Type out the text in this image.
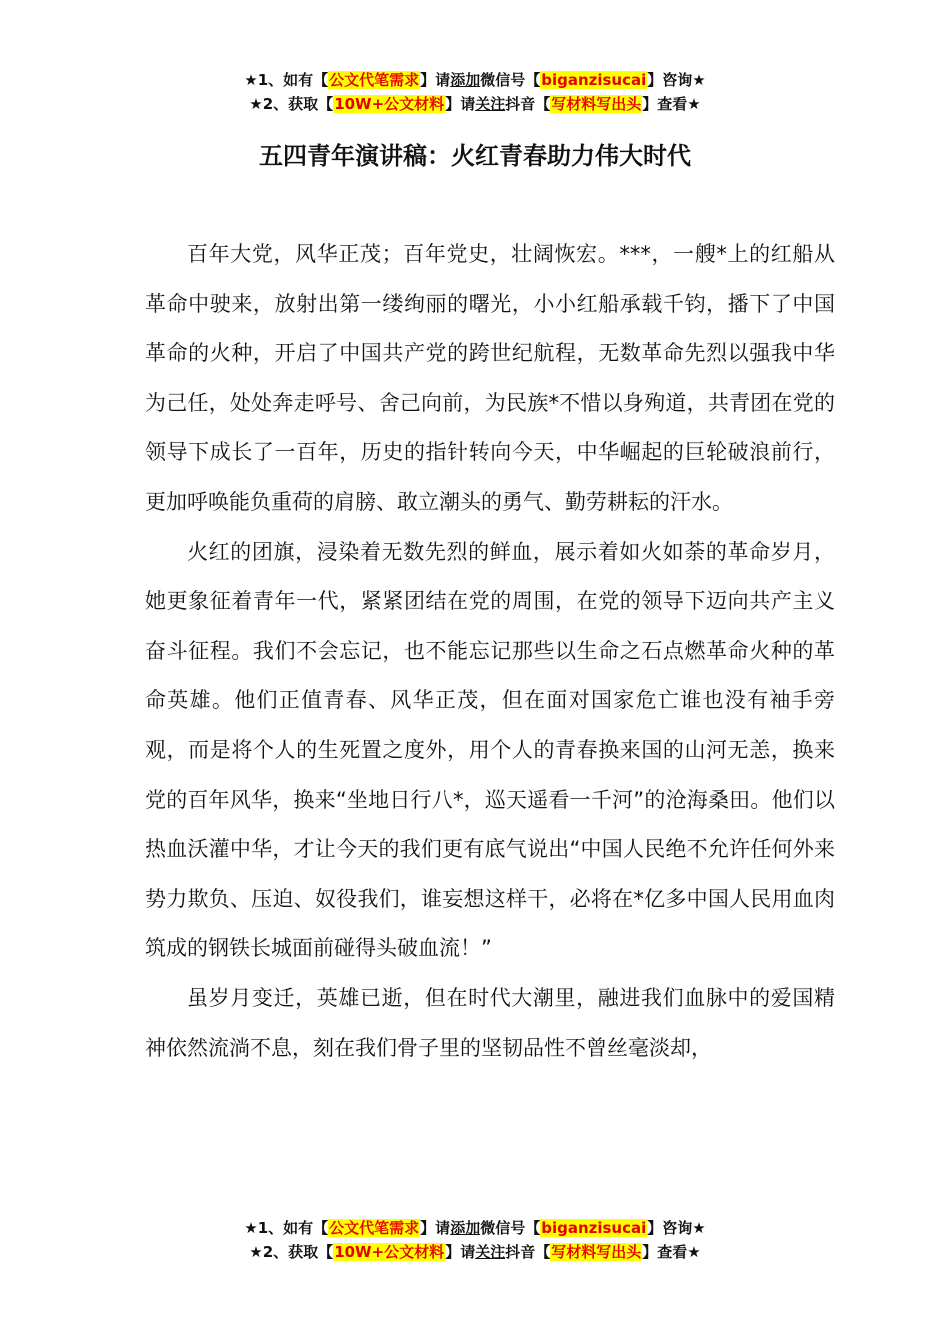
★1、如有【公文代笔需求】请添加微信号【biganzisucai】咨询★
★2、获取【10W+公文材料】请关注抖音【写材料写出头】查看★
五四青年演讲稿：火红青春助力伟大时代

百年大党，风华正茂；百年党史，壮阔恢宏。***，一艘*上的红船从革命中驶来，放射出第一缕绚丽的曙光，小小红船承载千钧，播下了中国革命的火种，开启了中国共产党的跨世纪航程，无数革命先烈以强我中华为己任，处处奔走呼号、舍己向前，为民族*不惜以身殉道，共青团在党的领导下成长了一百年，历史的指针转向今天，中华崛起的巨轮破浪前行，更加呼唤能负重荷的肩膀、敢立潮头的勇气、勤劳耕耘的汗水。

火红的团旗，浸染着无数先烈的鲜血，展示着如火如荼的革命岁月，她更象征着青年一代，紧紧团结在党的周围，在党的领导下迈向共产主义奋斗征程。我们不会忘记，也不能忘记那些以生命之石点燃革命火种的革命英雄。他们正值青春、风华正茂，但在面对国家危亡谁也没有袖手旁观，而是将个人的生死置之度外，用个人的青春换来国的山河无恙，换来党的百年风华，换来“坐地日行八*，巡天遥看一千河”的沧海桑田。他们以热血沃灌中华，才让今天的我们更有底气说出“中国人民绝不允许任何外来势力欺负、压迫、奴役我们，谁妄想这样干，必将在*亿多中国人民用血肉筑成的钢铁长城面前碰得头破血流！”

虽岁月变迁，英雄已逝，但在时代大潮里，融进我们血脉中的爱国精神依然流淌不息，刻在我们骨子里的坚韧品性不曾丝毫淡却，

★1、如有【公文代笔需求】请添加微信号【biganzisucai】咨询★
★2、获取【10W+公文材料】请关注抖音【写材料写出头】查看★
